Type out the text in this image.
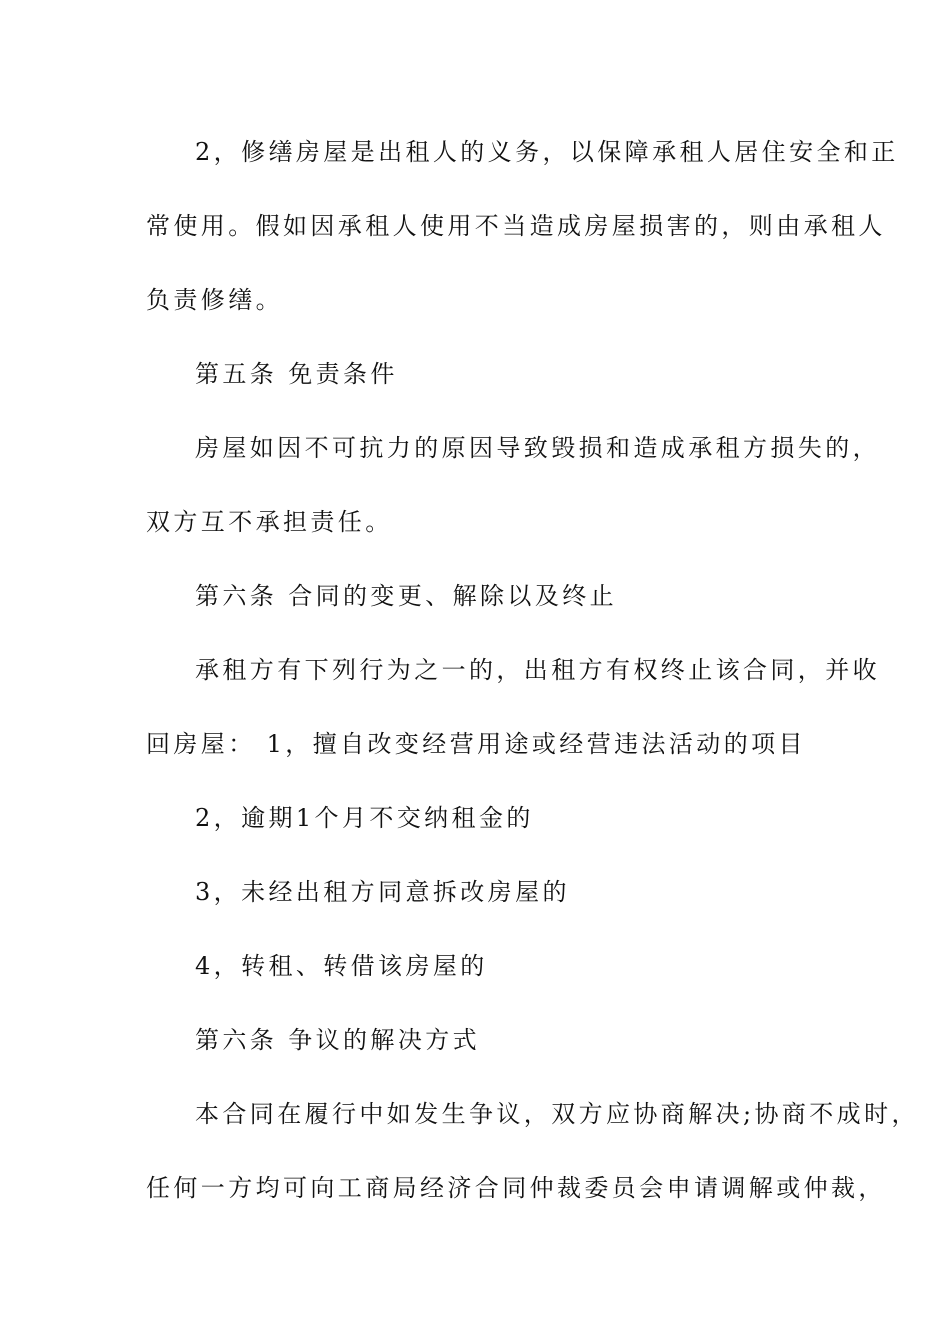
2，修缮房屋是出租人的义务，以保障承租人居住安全和正
常使用。假如因承租人使用不当造成房屋损害的，则由承租人
负责修缮。
第五条 免责条件
房屋如因不可抗力的原因导致毁损和造成承租方损失的，
双方互不承担责任。
第六条 合同的变更、解除以及终止
承租方有下列行为之一的，出租方有权终止该合同，并收
回房屋： 1，擅自改变经营用途或经营违法活动的项目
2，逾期1个月不交纳租金的
3，未经出租方同意拆改房屋的
4，转租、转借该房屋的
第六条 争议的解决方式
本合同在履行中如发生争议，双方应协商解决;协商不成时，
任何一方均可向工商局经济合同仲裁委员会申请调解或仲裁，
